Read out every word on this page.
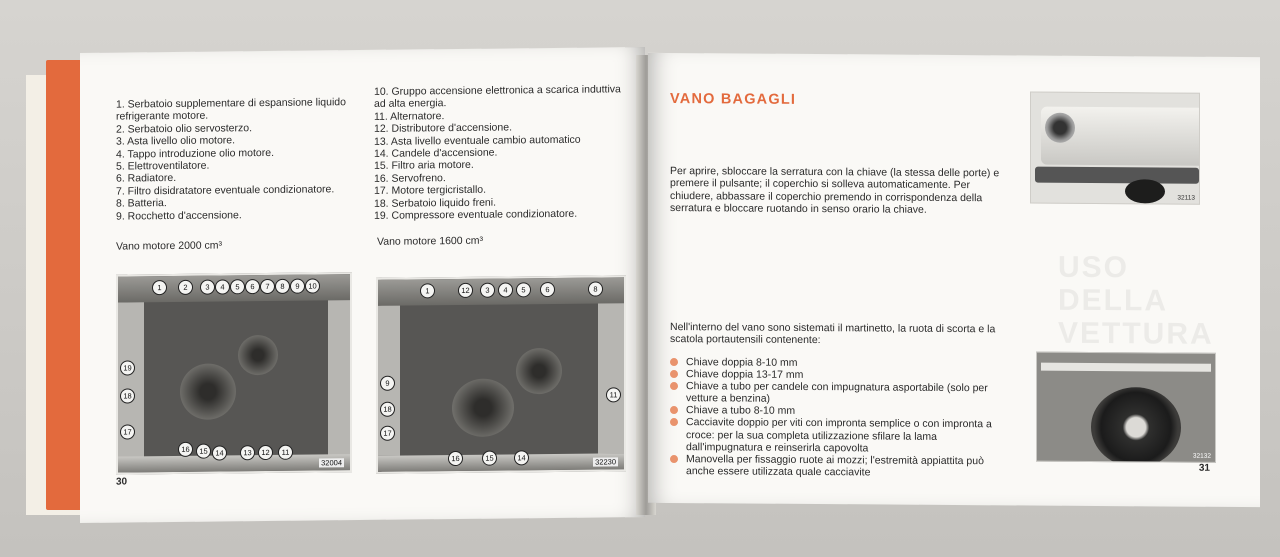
1. Serbatoio supplementare di espansione liquido refrigerante motore.
2. Serbatoio olio servosterzo.
3. Asta livello olio motore.
4. Tappo introduzione olio motore.
5. Elettroventilatore.
6. Radiatore.
7. Filtro disidratatore eventuale condizionatore.
8. Batteria.
9. Rocchetto d'accensione.
10. Gruppo accensione elettronica a scarica induttiva ad alta energia.
11. Alternatore.
12. Distributore d'accensione.
13. Asta livello eventuale cambio automatico
14. Candele d'accensione.
15. Filtro aria motore.
16. Servofreno.
17. Motore tergicristallo.
18. Serbatoio liquido freni.
19. Compressore eventuale condizionatore.
Vano motore 2000 cm³	Vano motore 1600 cm³
1	2	3	4	5	6	7	8	9	10
19
18
17
16	15	14	13	12	11
32004
1	12	3	4	5	6	8
9
18
17
16	15	14
11
32230
30
VANO BAGAGLI
USO
DELLA
VETTURA
Per aprire, sbloccare la serratura con la chiave (la stessa delle porte) e premere il pulsante; il coperchio si solleva automaticamente. Per chiudere, abbassare il coperchio premendo in corrispondenza della serratura e bloccare ruotando in senso orario la chiave.
32113
Nell'interno del vano sono sistemati il martinetto, la ruota di scorta e la scatola portautensili contenente:
Chiave doppia 8-10 mm
Chiave doppia 13-17 mm
Chiave a tubo per candele con impugnatura asportabile (solo per vetture a benzina)
Chiave a tubo 8-10 mm
Cacciavite doppio per viti con impronta semplice o con impronta a croce: per la sua completa utilizzazione sfilare la lama dall'impugnatura e reinserirla capovolta
Manovella per fissaggio ruote ai mozzi; l'estremità appiattita può anche essere utilizzata quale cacciavite
32132
31
